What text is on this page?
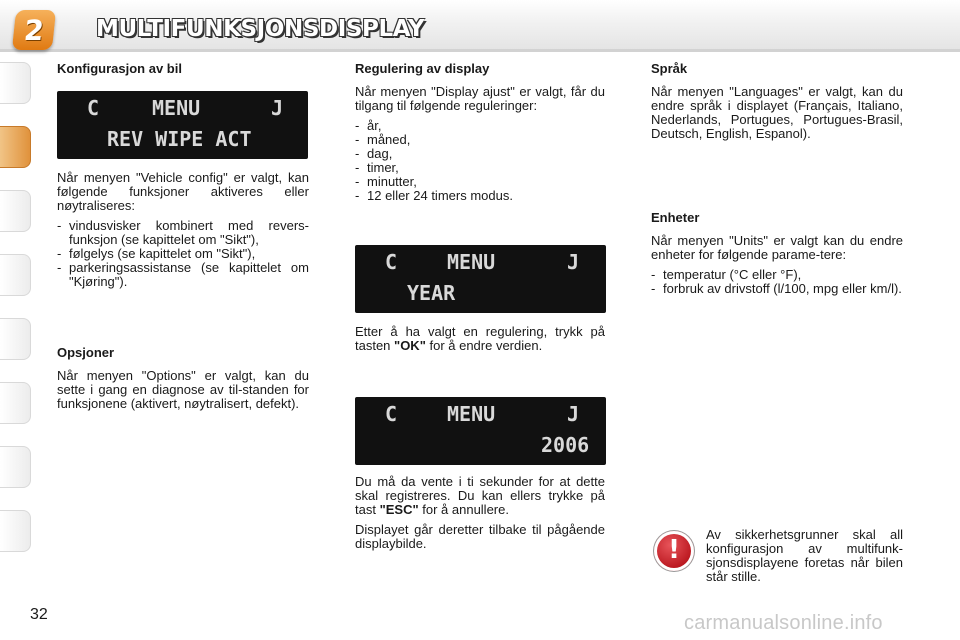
2 MULTIFUNKSJONSDISPLAY
Konfigurasjon av bil
C	MENU	J
REV WIPE ACT

Når menyen "Vehicle config" er valgt, kan følgende funksjoner aktiveres eller nøytraliseres:

- vindusvisker kombinert med revers-funksjon (se kapittelet om "Sikt"),
- følgelys (se kapittelet om "Sikt"),
- parkeringsassistanse (se kapittelet om "Kjøring").
Opsjoner

Når menyen "Options" er valgt, kan du sette i gang en diagnose av til-standen for funksjonene (aktivert, nøytralisert, defekt).

Regulering av display

Når menyen "Display ajust" er valgt, får du tilgang til følgende reguleringer:

- år,
- måned,
- dag,
- timer,
- minutter,
- 12 eller 24 timers modus.
C MENU	J
YEAR

Etter å ha valgt en regulering, trykk på tasten "OK" for å endre verdien.

C MENU	J
2006

Du må da vente i ti sekunder for at dette skal registreres. Du kan ellers trykke på tast "ESC" for å annullere.

Displayet går deretter tilbake til pågående displaybilde.

Språk

Når menyen "Languages" er valgt, kan du endre språk i displayet (Français, Italiano, Nederlands, Portugues, Portugues-Brasil, Deutsch, English, Espanol).

Enheter

Når menyen "Units" er valgt kan du endre enheter for følgende parame-tere:

- temperatur (°C eller °F),
- forbruk av drivstoff (l/100, mpg eller km/l).
!

Av sikkerhetsgrunner skal all konfigurasjon av multifunk-sjonsdisplayene foretas når bilen står stille.

32	carmanualsonline.info
